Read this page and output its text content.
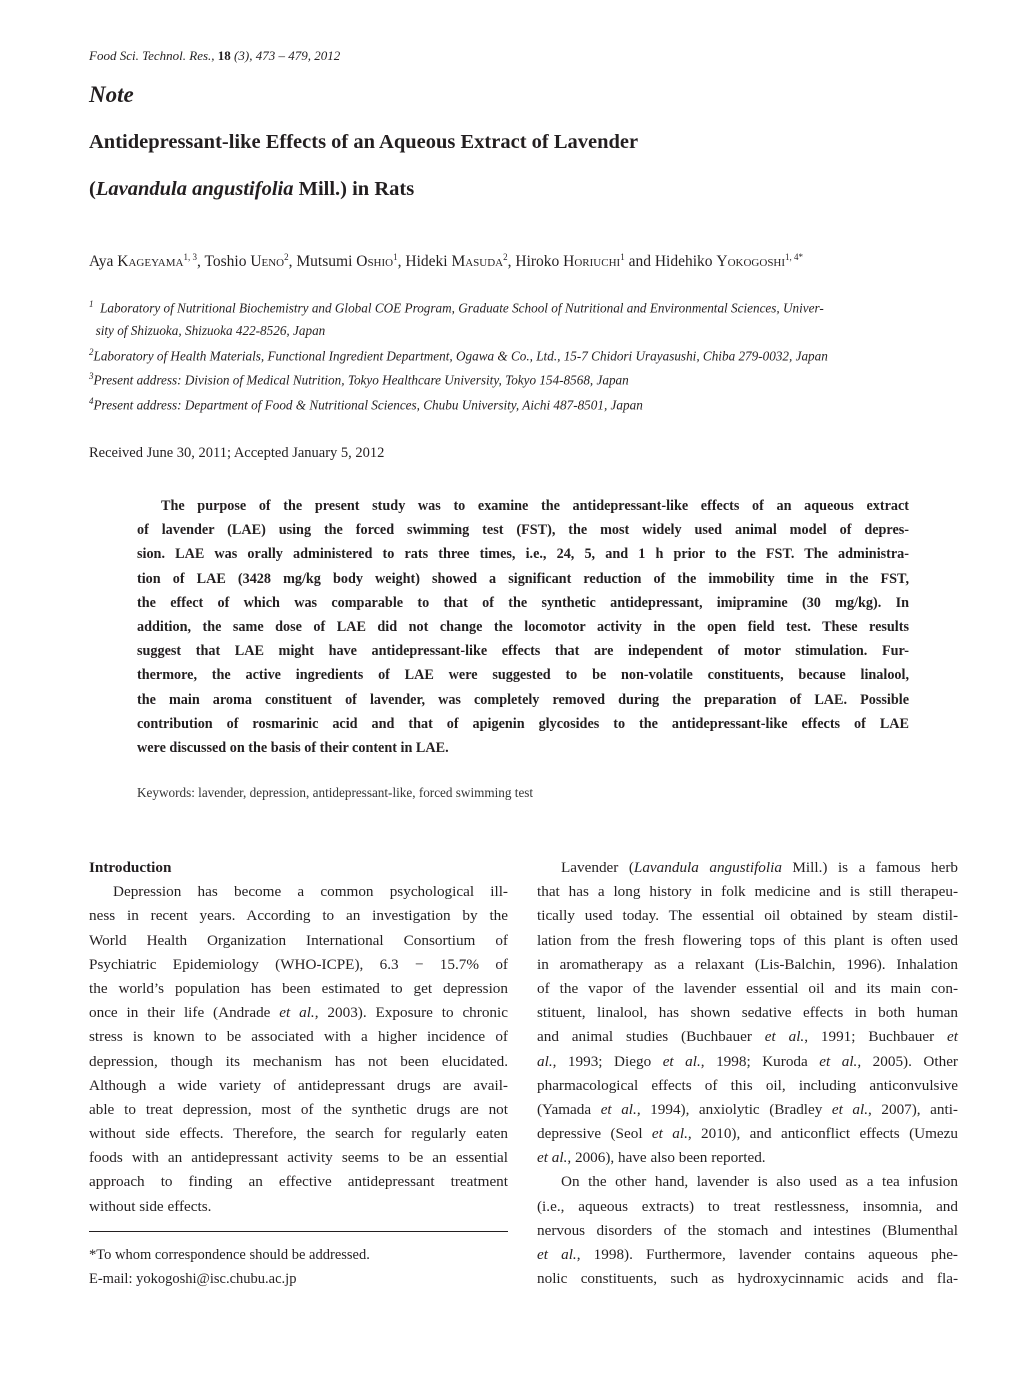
Food Sci. Technol. Res., 18 (3), 473 – 479, 2012
Note
Antidepressant-like Effects of an Aqueous Extract of Lavender
(Lavandula angustifolia Mill.) in Rats
Aya Kageyama$^{1, 3}$, Toshio Ueno$^2$, Mutsumi Oshio$^1$, Hideki Masuda$^2$, Hiroko Horiuchi$^1$ and Hidehiko Yokogoshi$^{1, 4*}$
$^1$  Laboratory of Nutritional Biochemistry and Global COE Program, Graduate School of Nutritional and Environmental Sciences, Univer-
sity of Shizuoka, Shizuoka 422-8526, Japan
$^2$Laboratory of Health Materials, Functional Ingredient Department, Ogawa & Co., Ltd., 15-7 Chidori Urayasushi, Chiba 279-0032, Japan
$^3$Present address: Division of Medical Nutrition, Tokyo Healthcare University, Tokyo 154-8568, Japan
$^4$Present address: Department of Food & Nutritional Sciences, Chubu University, Aichi 487-8501, Japan
Received June 30, 2011; Accepted January 5, 2012
The purpose of the present study was to examine the antidepressant-like effects of an aqueous extract
of lavender (LAE) using the forced swimming test (FST), the most widely used animal model of depres-
sion. LAE was orally administered to rats three times, i.e., 24, 5, and 1 h prior to the FST. The administra-
tion of LAE (3428 mg/kg body weight) showed a significant reduction of the immobility time in the FST,
the effect of which was comparable to that of the synthetic antidepressant, imipramine (30 mg/kg). In
addition, the same dose of LAE did not change the locomotor activity in the open field test. These results
suggest that LAE might have antidepressant-like effects that are independent of motor stimulation. Fur-
thermore, the active ingredients of LAE were suggested to be non-volatile constituents, because linalool,
the main aroma constituent of lavender, was completely removed during the preparation of LAE. Possible
contribution of rosmarinic acid and that of apigenin glycosides to the antidepressant-like effects of LAE
were discussed on the basis of their content in LAE.
Keywords: lavender, depression, antidepressant-like, forced swimming test
Introduction
Depression has become a common psychological ill-
ness in recent years. According to an investigation by the
World Health Organization International Consortium of
Psychiatric Epidemiology (WHO-ICPE), 6.3 − 15.7% of
the world’s population has been estimated to get depression
once in their life (Andrade et al., 2003). Exposure to chronic
stress is known to be associated with a higher incidence of
depression, though its mechanism has not been elucidated.
Although a wide variety of antidepressant drugs are avail-
able to treat depression, most of the synthetic drugs are not
without side effects. Therefore, the search for regularly eaten
foods with an antidepressant activity seems to be an essential
approach to finding an effective antidepressant treatment
without side effects.
*To whom correspondence should be addressed.
E-mail: yokogoshi@isc.chubu.ac.jp
Lavender (Lavandula angustifolia Mill.) is a famous herb
that has a long history in folk medicine and is still therapeu-
tically used today. The essential oil obtained by steam distil-
lation from the fresh flowering tops of this plant is often used
in aromatherapy as a relaxant (Lis-Balchin, 1996). Inhalation
of the vapor of the lavender essential oil and its main con-
stituent, linalool, has shown sedative effects in both human
and animal studies (Buchbauer et al., 1991; Buchbauer et
al., 1993; Diego et al., 1998; Kuroda et al., 2005). Other
pharmacological effects of this oil, including anticonvulsive
(Yamada et al., 1994), anxiolytic (Bradley et al., 2007), anti-
depressive (Seol et al., 2010), and anticonflict effects (Umezu
et al., 2006), have also been reported.
On the other hand, lavender is also used as a tea infusion
(i.e., aqueous extracts) to treat restlessness, insomnia, and
nervous disorders of the stomach and intestines (Blumenthal
et al., 1998). Furthermore, lavender contains aqueous phe-
nolic constituents, such as hydroxycinnamic acids and fla-
